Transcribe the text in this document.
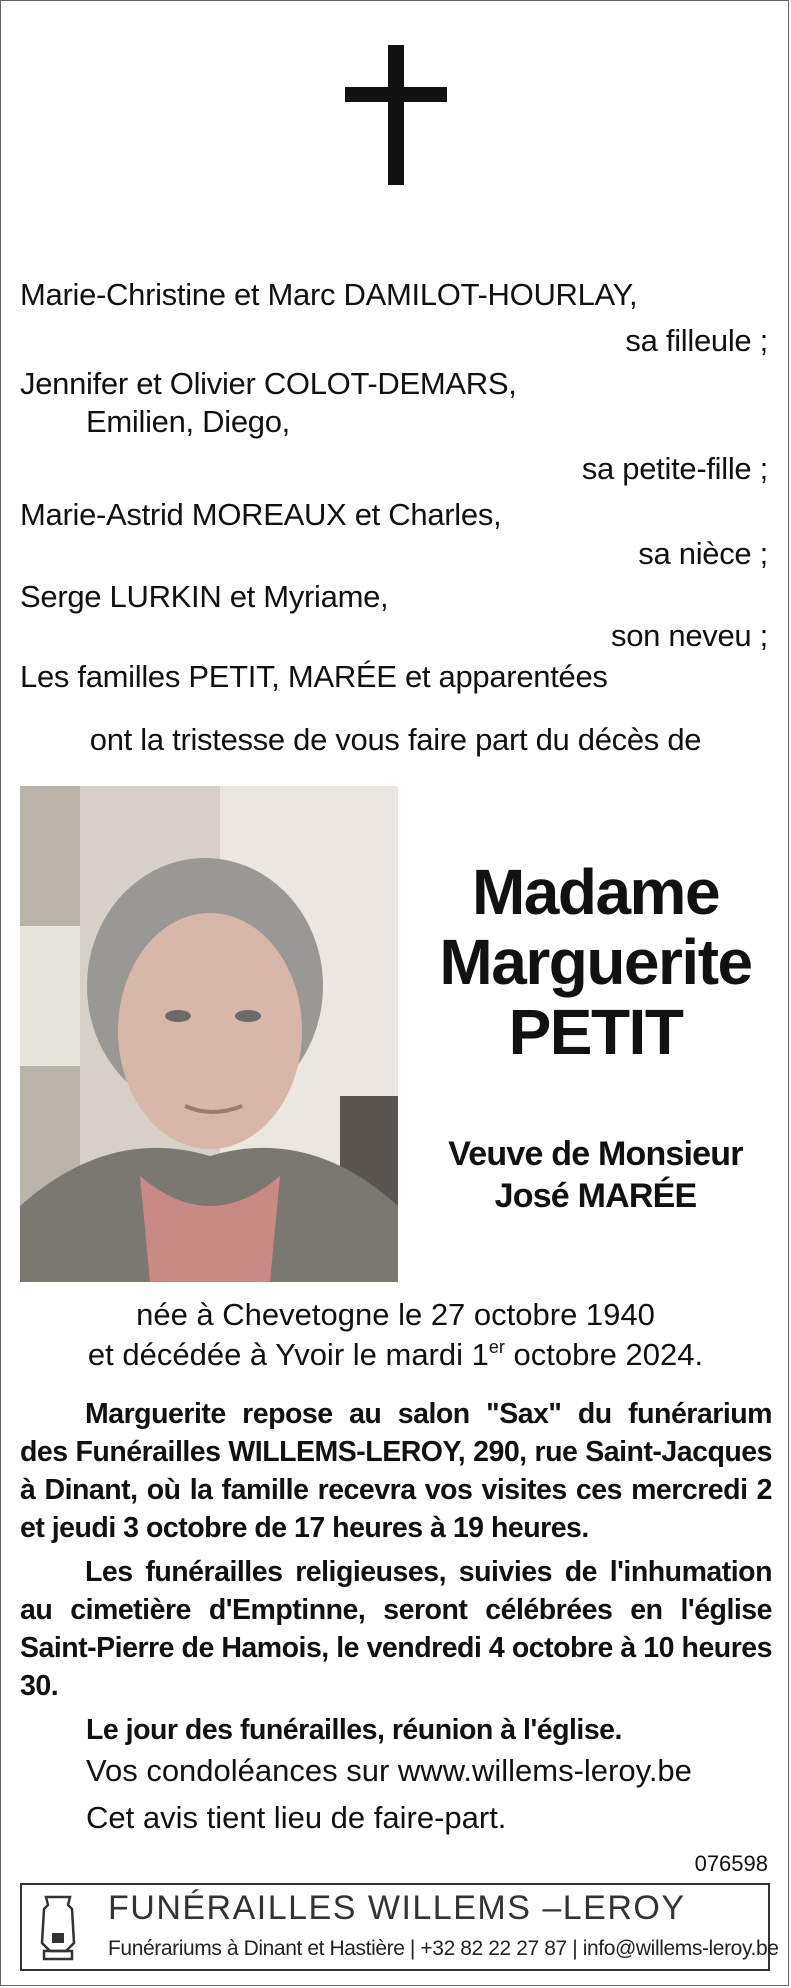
Marie-Christine et Marc DAMILOT-HOURLAY,
sa filleule ;
Jennifer et Olivier COLOT-DEMARS,
Emilien, Diego,
sa petite-fille ;
Marie-Astrid MOREAUX et Charles,
sa nièce ;
Serge LURKIN et Myriame,
son neveu ;
Les familles PETIT, MARÉE et apparentées
ont la tristesse de vous faire part du décès de
Madame
Marguerite
PETIT
Veuve de Monsieur
José MARÉE
née à Chevetogne le 27 octobre 1940
et décédée à Yvoir le mardi 1er octobre 2024.
Marguerite repose au salon "Sax" du funérarium des Funérailles WILLEMS-LEROY, 290, rue Saint-Jacques à Dinant, où la famille recevra vos visites ces mercredi 2 et jeudi 3 octobre de 17 heures à 19 heures.
Les funérailles religieuses, suivies de l'inhumation au cimetière d'Emptinne, seront célébrées en l'église Saint-Pierre de Hamois, le vendredi 4 octobre à 10 heures 30.
Le jour des funérailles, réunion à l'église.
Vos condoléances sur www.willems-leroy.be
Cet avis tient lieu de faire-part.
076598
FUNÉRAILLES WILLEMS –LEROY
Funérariums à Dinant et Hastière | +32 82 22 27 87 | info@willems-leroy.be
